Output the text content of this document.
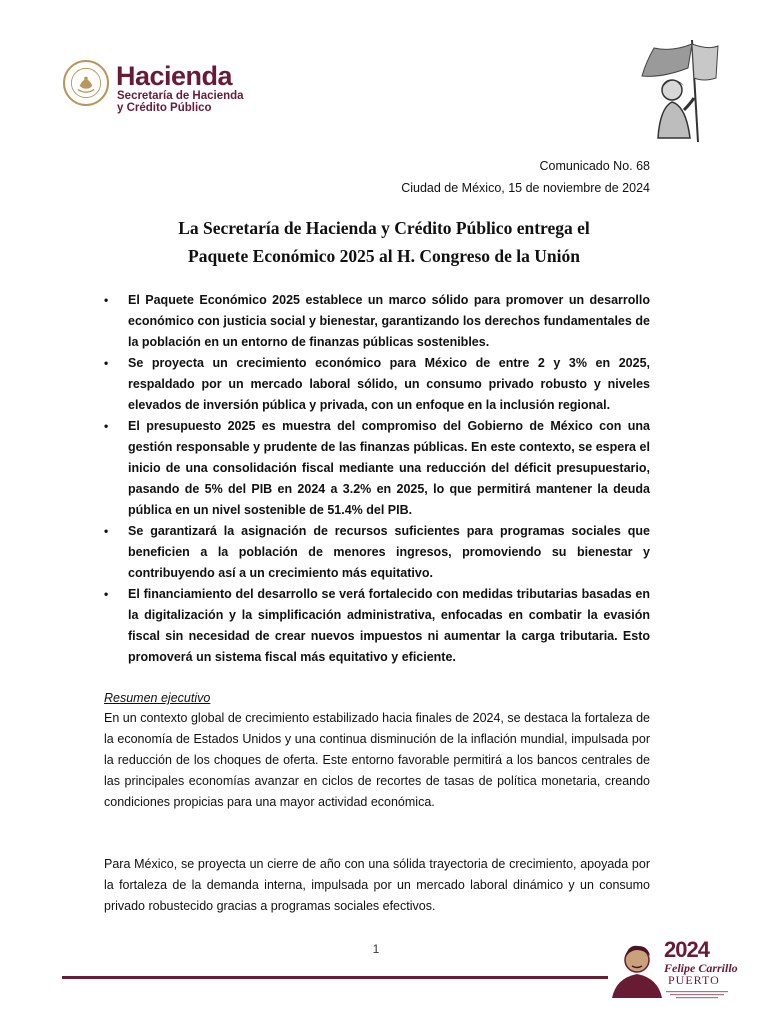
Hacienda
Secretaría de Hacienda
y Crédito Público
Comunicado No. 68
Ciudad de México, 15 de noviembre de 2024
La Secretaría de Hacienda y Crédito Público entrega el
Paquete Económico 2025 al H. Congreso de la Unión
• El Paquete Económico 2025 establece un marco sólido para promover un desarrollo económico con justicia social y bienestar, garantizando los derechos fundamentales de la población en un entorno de finanzas públicas sostenibles.
• Se proyecta un crecimiento económico para México de entre 2 y 3% en 2025, respaldado por un mercado laboral sólido, un consumo privado robusto y niveles elevados de inversión pública y privada, con un enfoque en la inclusión regional.
• El presupuesto 2025 es muestra del compromiso del Gobierno de México con una gestión responsable y prudente de las finanzas públicas. En este contexto, se espera el inicio de una consolidación fiscal mediante una reducción del déficit presupuestario, pasando de 5% del PIB en 2024 a 3.2% en 2025, lo que permitirá mantener la deuda pública en un nivel sostenible de 51.4% del PIB.
• Se garantizará la asignación de recursos suficientes para programas sociales que beneficien a la población de menores ingresos, promoviendo su bienestar y contribuyendo así a un crecimiento más equitativo.
• El financiamiento del desarrollo se verá fortalecido con medidas tributarias basadas en la digitalización y la simplificación administrativa, enfocadas en combatir la evasión fiscal sin necesidad de crear nuevos impuestos ni aumentar la carga tributaria. Esto promoverá un sistema fiscal más equitativo y eficiente.
Resumen ejecutivo

En un contexto global de crecimiento estabilizado hacia finales de 2024, se destaca la fortaleza de la economía de Estados Unidos y una continua disminución de la inflación mundial, impulsada por la reducción de los choques de oferta. Este entorno favorable permitirá a los bancos centrales de las principales economías avanzar en ciclos de recortes de tasas de política monetaria, creando condiciones propicias para una mayor actividad económica.

Para México, se proyecta un cierre de año con una sólida trayectoria de crecimiento, apoyada por la fortaleza de la demanda interna, impulsada por un mercado laboral dinámico y un consumo privado robustecido gracias a programas sociales efectivos.

1	2024
Felipe Carrillo
PUERTO
